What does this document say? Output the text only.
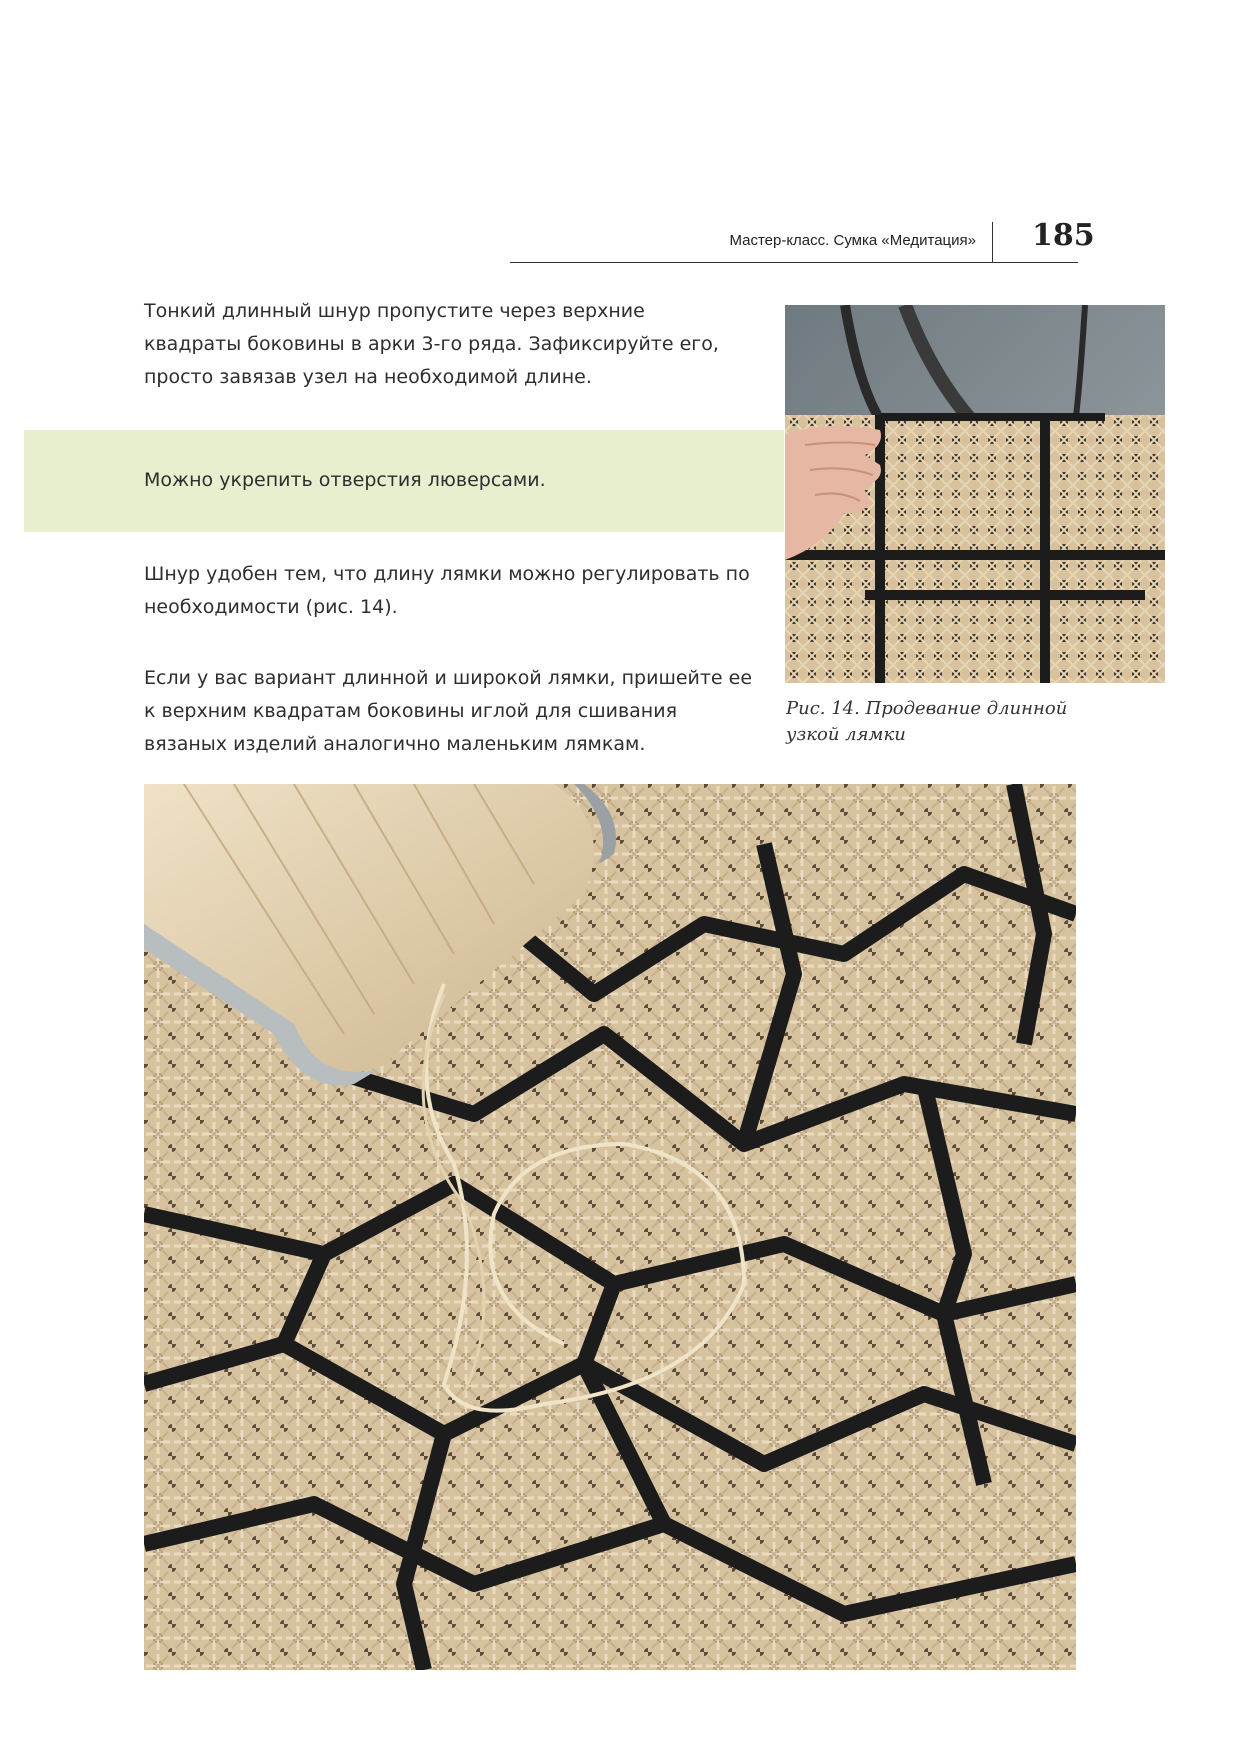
Мастер-класс. Сумка «Медитация» 185
Тонкий длинный шнур пропустите через верхние квадраты боковины в арки 3-го ряда. Зафиксируйте его, просто завязав узел на необходимой длине.
Можно укрепить отверстия люверсами.
Шнур удобен тем, что длину лямки можно регулировать по необходимости (рис. 14).
Если у вас вариант длинной и широкой лямки, пришейте ее к верхним квадратам боковины иглой для сшивания вязаных изделий аналогично маленьким лямкам.
Рис. 14. Продевание длинной узкой лямки
